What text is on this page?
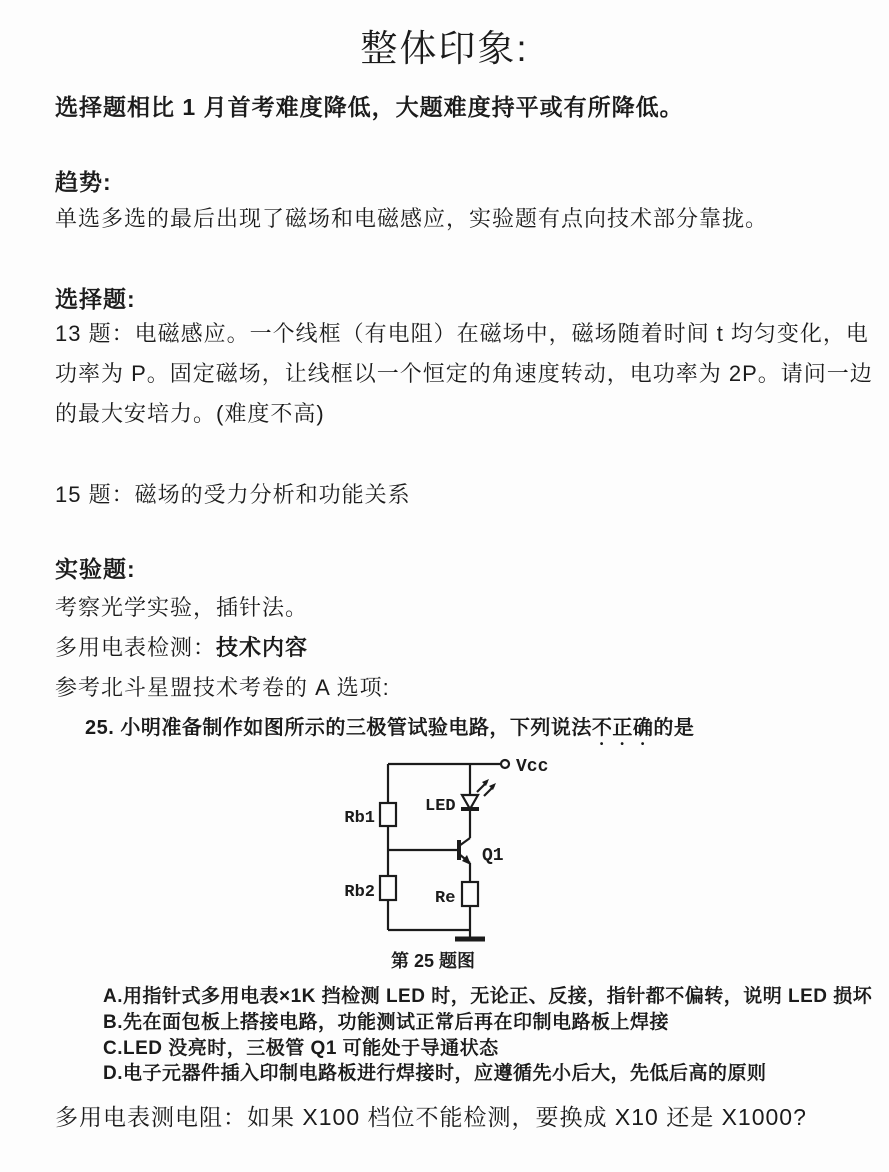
整体印象:
选择题相比 1 月首考难度降低，大题难度持平或有所降低。
趋势:
单选多选的最后出现了磁场和电磁感应，实验题有点向技术部分靠拢。
选择题:
13 题：电磁感应。一个线框（有电阻）在磁场中，磁场随着时间 t 均匀变化，电
功率为 P。固定磁场，让线框以一个恒定的角速度转动，电功率为 2P。请问一边
的最大安培力。(难度不高)
15 题：磁场的受力分析和功能关系
实验题:
考察光学实验，插针法。
多用电表检测：技术内容
参考北斗星盟技术考卷的 A 选项:
25. 小明准备制作如图所示的三极管试验电路，下列说法不正确的是
Vcc
LED
Q1
Rb1
Rb2	Re
第 25 题图
A.用指针式多用电表×1K 挡检测 LED 时，无论正、反接，指针都不偏转，说明 LED 损坏
B.先在面包板上搭接电路，功能测试正常后再在印制电路板上焊接
C.LED 没亮时，三极管 Q1 可能处于导通状态
D.电子元器件插入印制电路板进行焊接时，应遵循先小后大，先低后高的原则
多用电表测电阻：如果 X100 档位不能检测，要换成 X10 还是 X1000?
